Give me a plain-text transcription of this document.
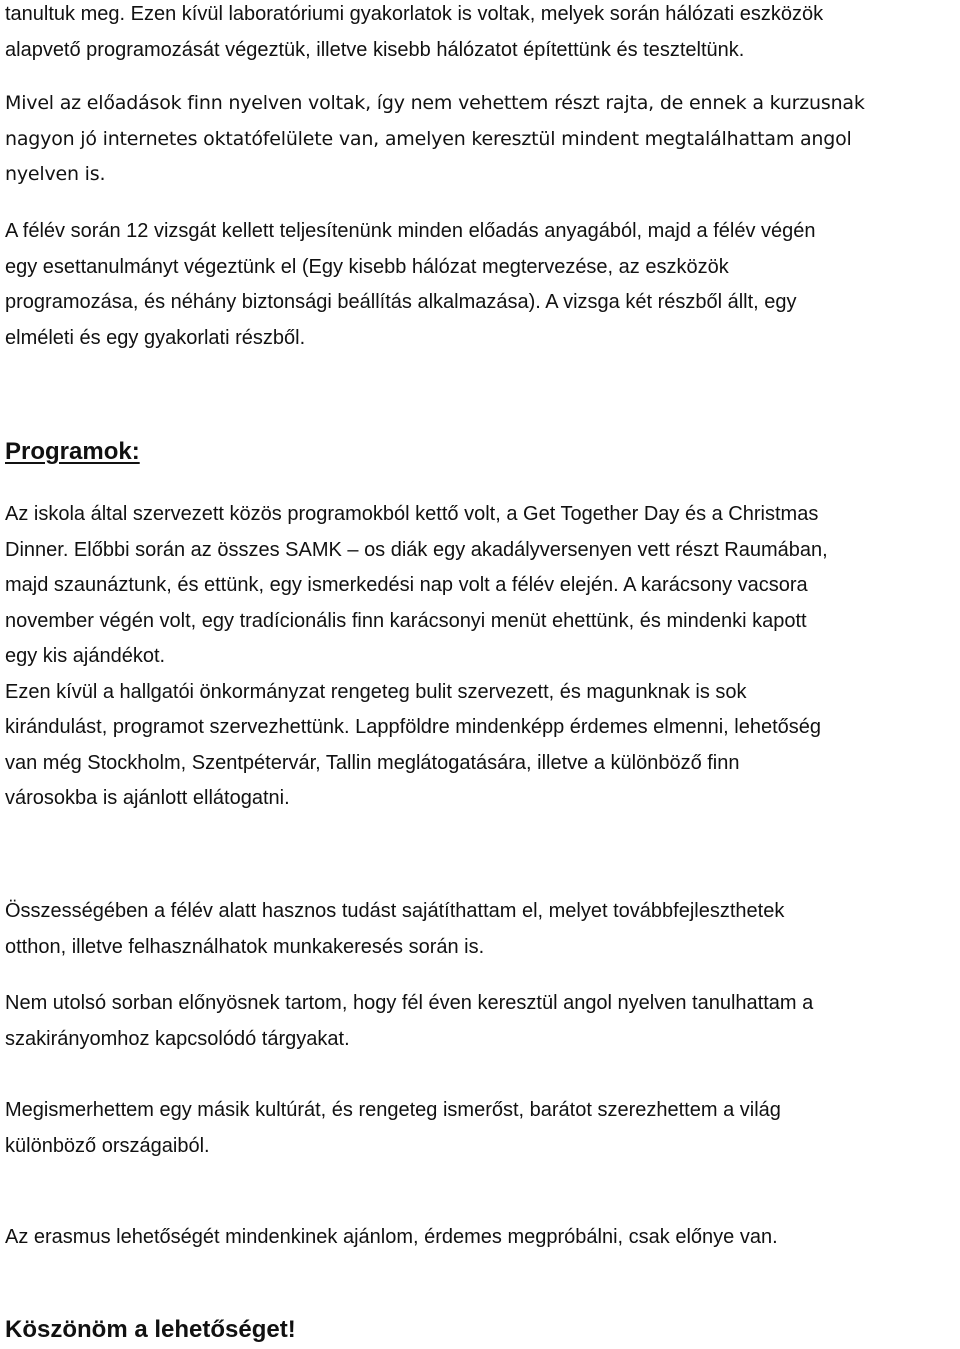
tanultuk meg. Ezen kívül laboratóriumi gyakorlatok is voltak, melyek során hálózati eszközök
alapvető programozását végeztük, illetve kisebb hálózatot építettünk és teszteltünk.

Mivel az előadások finn nyelven voltak, így nem vehettem részt rajta, de ennek a kurzusnak
nagyon jó internetes oktatófelülete van, amelyen keresztül mindent megtalálhattam angol
nyelven is.

A félév során 12 vizsgát kellett teljesítenünk minden előadás anyagából, majd a félév végén
egy esettanulmányt végeztünk el (Egy kisebb hálózat megtervezése, az eszközök
programozása, és néhány biztonsági beállítás alkalmazása). A vizsga két részből állt, egy
elméleti és egy gyakorlati részből.

Programok:

Az iskola által szervezett közös programokból kettő volt, a Get Together Day és a Christmas
Dinner. Előbbi során az összes SAMK – os diák egy akadályversenyen vett részt Raumában,
majd szaunáztunk, és ettünk, egy ismerkedési nap volt a félév elején. A karácsony vacsora
november végén volt, egy tradícionális finn karácsonyi menüt ehettünk, és mindenki kapott
egy kis ajándékot.
Ezen kívül a hallgatói önkormányzat rengeteg bulit szervezett, és magunknak is sok
kirándulást, programot szervezhettünk. Lappföldre mindenképp érdemes elmenni, lehetőség
van még Stockholm, Szentpétervár, Tallin meglátogatására, illetve a különböző finn
városokba is ajánlott ellátogatni.

Összességében a félév alatt hasznos tudást sajátíthattam el, melyet továbbfejleszthetek
otthon, illetve felhasználhatok munkakeresés során is.

Nem utolsó sorban előnyösnek tartom, hogy fél éven keresztül angol nyelven tanulhattam a
szakirányomhoz kapcsolódó tárgyakat.

Megismerhettem egy másik kultúrát, és rengeteg ismerőst, barátot szerezhettem a világ
különböző országaiból.

Az erasmus lehetőségét mindenkinek ajánlom, érdemes megpróbálni, csak előnye van.

Köszönöm a lehetőséget!
